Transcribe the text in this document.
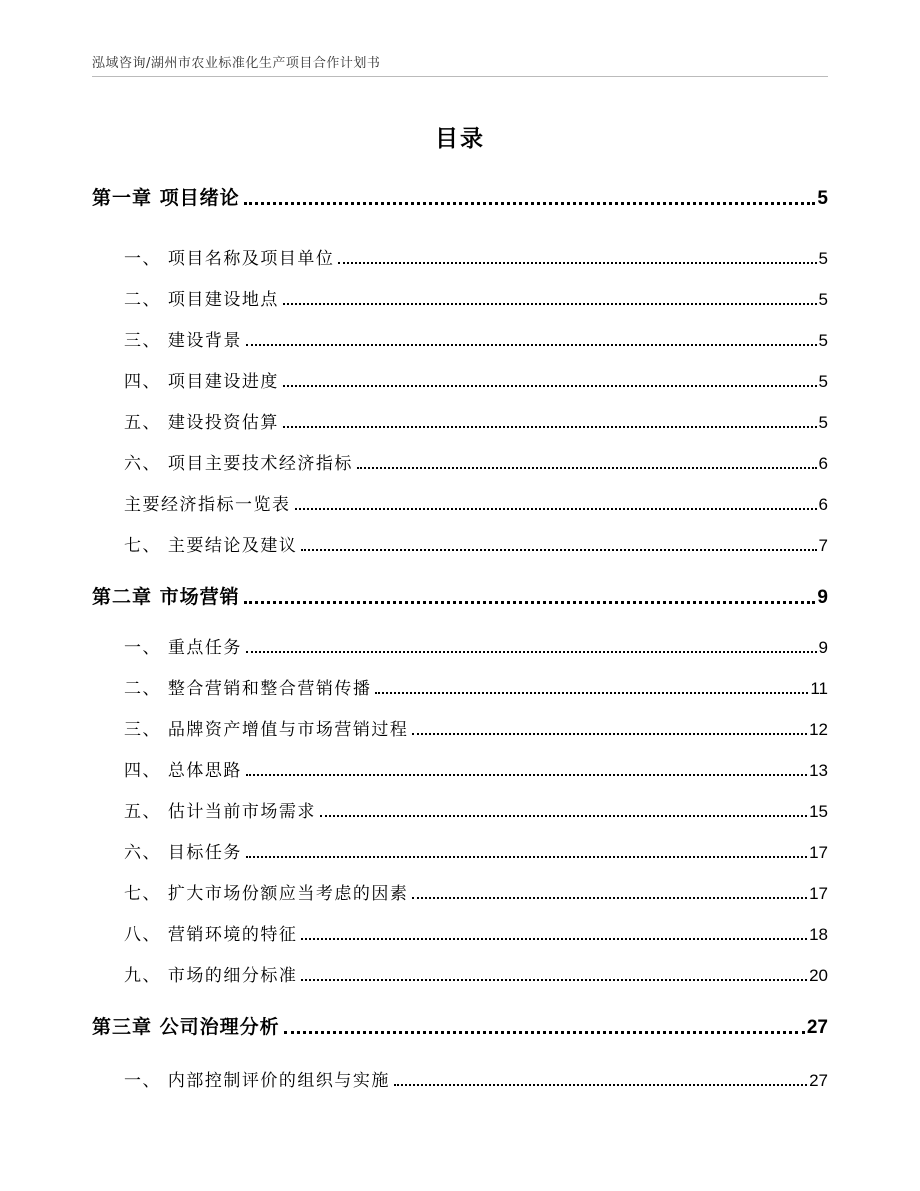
泓域咨询/湖州市农业标准化生产项目合作计划书
目录
第一章 项目绪论	5
一、 项目名称及项目单位	5
二、 项目建设地点	5
三、 建设背景	5
四、 项目建设进度	5
五、 建设投资估算	5
六、 项目主要技术经济指标	6
主要经济指标一览表	6
七、 主要结论及建议	7
第二章 市场营销	9
一、 重点任务	9
二、 整合营销和整合营销传播	11
三、 品牌资产增值与市场营销过程	12
四、 总体思路	13
五、 估计当前市场需求	15
六、 目标任务	17
七、 扩大市场份额应当考虑的因素	17
八、 营销环境的特征	18
九、 市场的细分标准	20
第三章 公司治理分析	27
一、 内部控制评价的组织与实施	27
